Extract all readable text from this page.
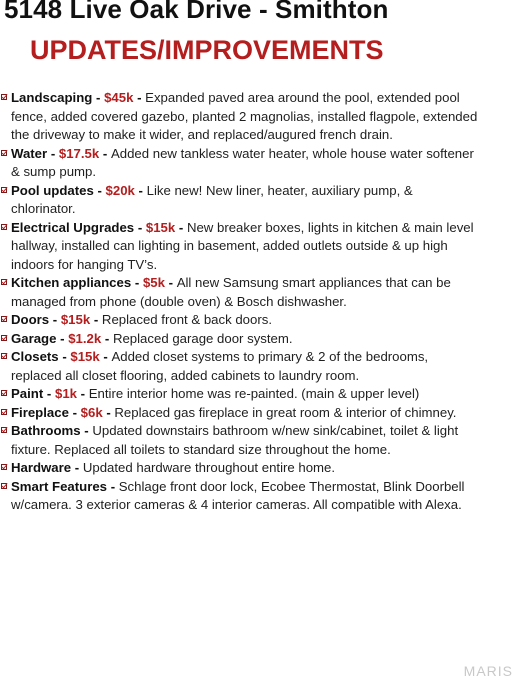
5148 Live Oak Drive - Smithton
UPDATES/IMPROVEMENTS
Landscaping - $45k - Expanded paved area around the pool, extended pool fence, added covered gazebo, planted 2 magnolias, installed flagpole, extended the driveway to make it wider, and replaced/augured french drain.
Water - $17.5k - Added new tankless water heater, whole house water softener & sump pump.
Pool updates - $20k - Like new! New liner, heater, auxiliary pump, & chlorinator.
Electrical Upgrades - $15k - New breaker boxes, lights in kitchen & main level hallway, installed can lighting in basement, added outlets outside & up high indoors for hanging TV’s.
Kitchen appliances - $5k - All new Samsung smart appliances that can be managed from phone (double oven) & Bosch dishwasher.
Doors - $15k - Replaced front & back doors.
Garage - $1.2k - Replaced garage door system.
Closets - $15k - Added closet systems to primary & 2 of the bedrooms, replaced all closet flooring, added cabinets to laundry room.
Paint - $1k - Entire interior home was re-painted. (main & upper level)
Fireplace - $6k - Replaced gas fireplace in great room & interior of chimney.
Bathrooms - Updated downstairs bathroom w/new sink/cabinet, toilet & light fixture. Replaced all toilets to standard size throughout the home.
Hardware - Updated hardware throughout entire home.
Smart Features - Schlage front door lock, Ecobee Thermostat, Blink Doorbell w/camera. 3 exterior cameras & 4 interior cameras. All compatible with Alexa.
MARIS
